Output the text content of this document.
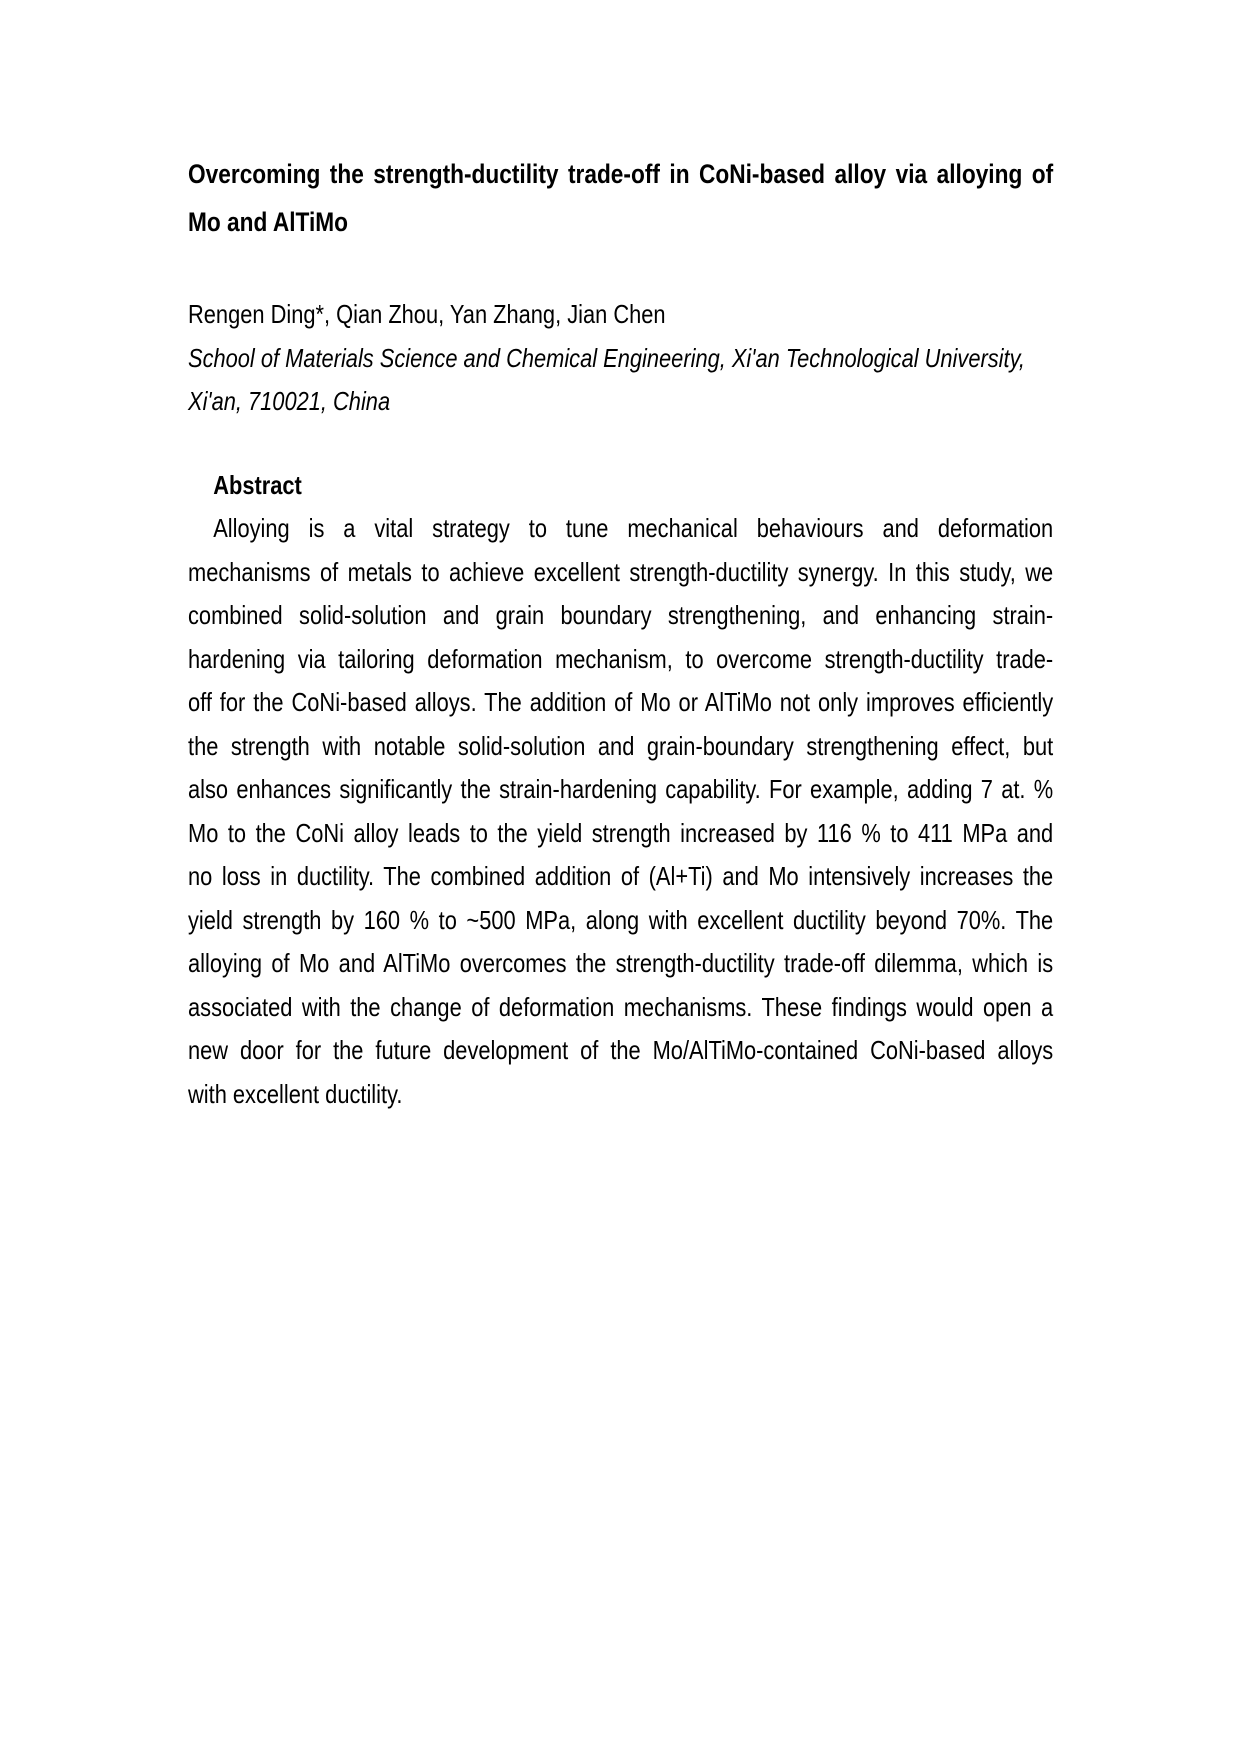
Overcoming the strength-ductility trade-off in CoNi-based alloy via alloying of
Mo and AlTiMo
Rengen Ding*, Qian Zhou, Yan Zhang, Jian Chen
School of Materials Science and Chemical Engineering, Xi'an Technological University,
Xi'an, 710021, China
Abstract
Alloying is a vital strategy to tune mechanical behaviours and deformation
mechanisms of metals to achieve excellent strength-ductility synergy. In this study, we
combined solid-solution and grain boundary strengthening, and enhancing strain-
hardening via tailoring deformation mechanism, to overcome strength-ductility trade-
off for the CoNi-based alloys. The addition of Mo or AlTiMo not only improves efficiently
the strength with notable solid-solution and grain-boundary strengthening effect, but
also enhances significantly the strain-hardening capability. For example, adding 7 at. %
Mo to the CoNi alloy leads to the yield strength increased by 116 % to 411 MPa and
no loss in ductility. The combined addition of (Al+Ti) and Mo intensively increases the
yield strength by 160 % to ~500 MPa, along with excellent ductility beyond 70%. The
alloying of Mo and AlTiMo overcomes the strength-ductility trade-off dilemma, which is
associated with the change of deformation mechanisms. These findings would open a
new door for the future development of the Mo/AlTiMo-contained CoNi-based alloys
with excellent ductility.
